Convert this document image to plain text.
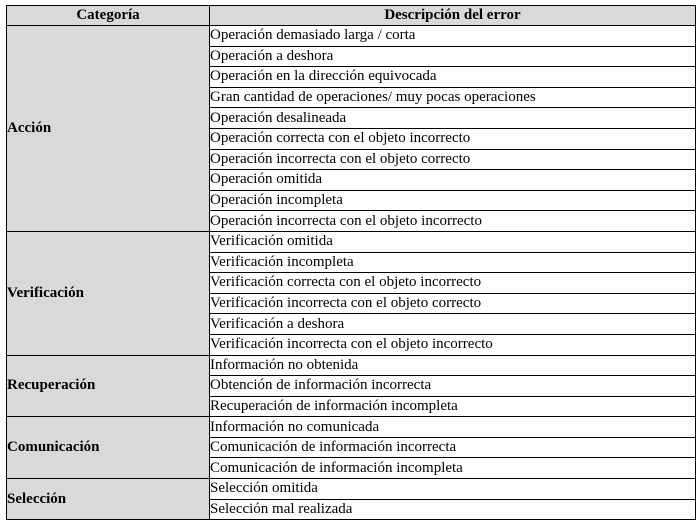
Categoría	Descripción del error
Acción	Operación demasiado larga / corta
	Operación a deshora
	Operación en la dirección equivocada
	Gran cantidad de operaciones/ muy pocas operaciones
	Operación desalineada
	Operación correcta con el objeto incorrecto
	Operación incorrecta con el objeto correcto
	Operación omitida
	Operación incompleta
	Operación incorrecta con el objeto incorrecto
Verificación	Verificación omitida
	Verificación incompleta
	Verificación correcta con el objeto incorrecto
	Verificación incorrecta con el objeto correcto
	Verificación a deshora
	Verificación incorrecta con el objeto incorrecto
Recuperación	Información no obtenida
	Obtención de información incorrecta
	Recuperación de información incompleta
Comunicación	Información no comunicada
	Comunicación de información incorrecta
	Comunicación de información incompleta
Selección	Selección omitida
	Selección mal realizada
